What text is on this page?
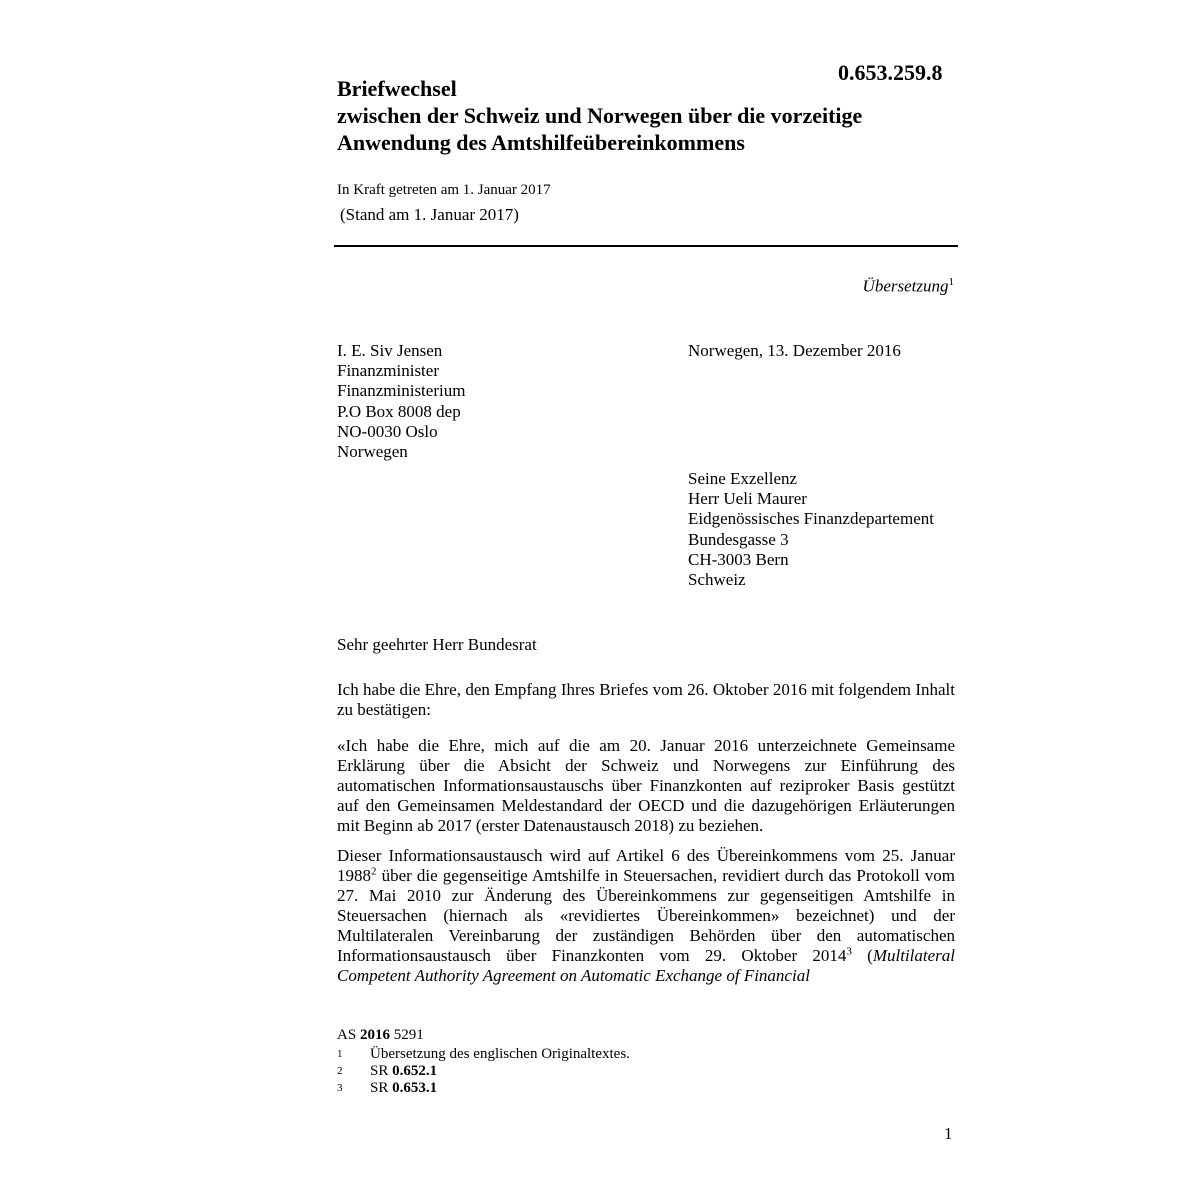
0.653.259.8
Briefwechsel
zwischen der Schweiz und Norwegen über die vorzeitige
Anwendung des Amtshilfeübereinkommens
In Kraft getreten am 1. Januar 2017
(Stand am 1. Januar 2017)
Übersetzung$^1$
I. E. Siv Jensen
Finanzminister
Finanzministerium
P.O Box 8008 dep
NO-0030 Oslo
Norwegen
Norwegen, 13. Dezember 2016
Seine Exzellenz
Herr Ueli Maurer
Eidgenössisches Finanzdepartement
Bundesgasse 3
CH-3003 Bern
Schweiz
Sehr geehrter Herr Bundesrat

Ich habe die Ehre, den Empfang Ihres Briefes vom 26. Oktober 2016 mit folgendem Inhalt zu bestätigen:

«Ich habe die Ehre, mich auf die am 20. Januar 2016 unterzeichnete Gemeinsame Erklärung über die Absicht der Schweiz und Norwegens zur Einführung des automatischen Informationsaustauschs über Finanzkonten auf reziproker Basis gestützt auf den Gemeinsamen Meldestandard der OECD und die dazugehörigen Erläuterungen mit Beginn ab 2017 (erster Datenaustausch 2018) zu beziehen.

Dieser Informationsaustausch wird auf Artikel 6 des Übereinkommens vom 25. Januar 1988$^2$ über die gegenseitige Amtshilfe in Steuersachen, revidiert durch das Protokoll vom 27. Mai 2010 zur Änderung des Übereinkommens zur gegenseitigen Amtshilfe in Steuersachen (hiernach als «revidiertes Übereinkommen» bezeichnet) und der Multilateralen Vereinbarung der zuständigen Behörden über den automatischen Informationsaustausch über Finanzkonten vom 29. Oktober 2014$^3$ (Multilateral Competent Authority Agreement on Automatic Exchange of Financial

AS 2016 5291
1 Übersetzung des englischen Originaltextes.
2 SR 0.652.1
3 SR 0.653.1
1
